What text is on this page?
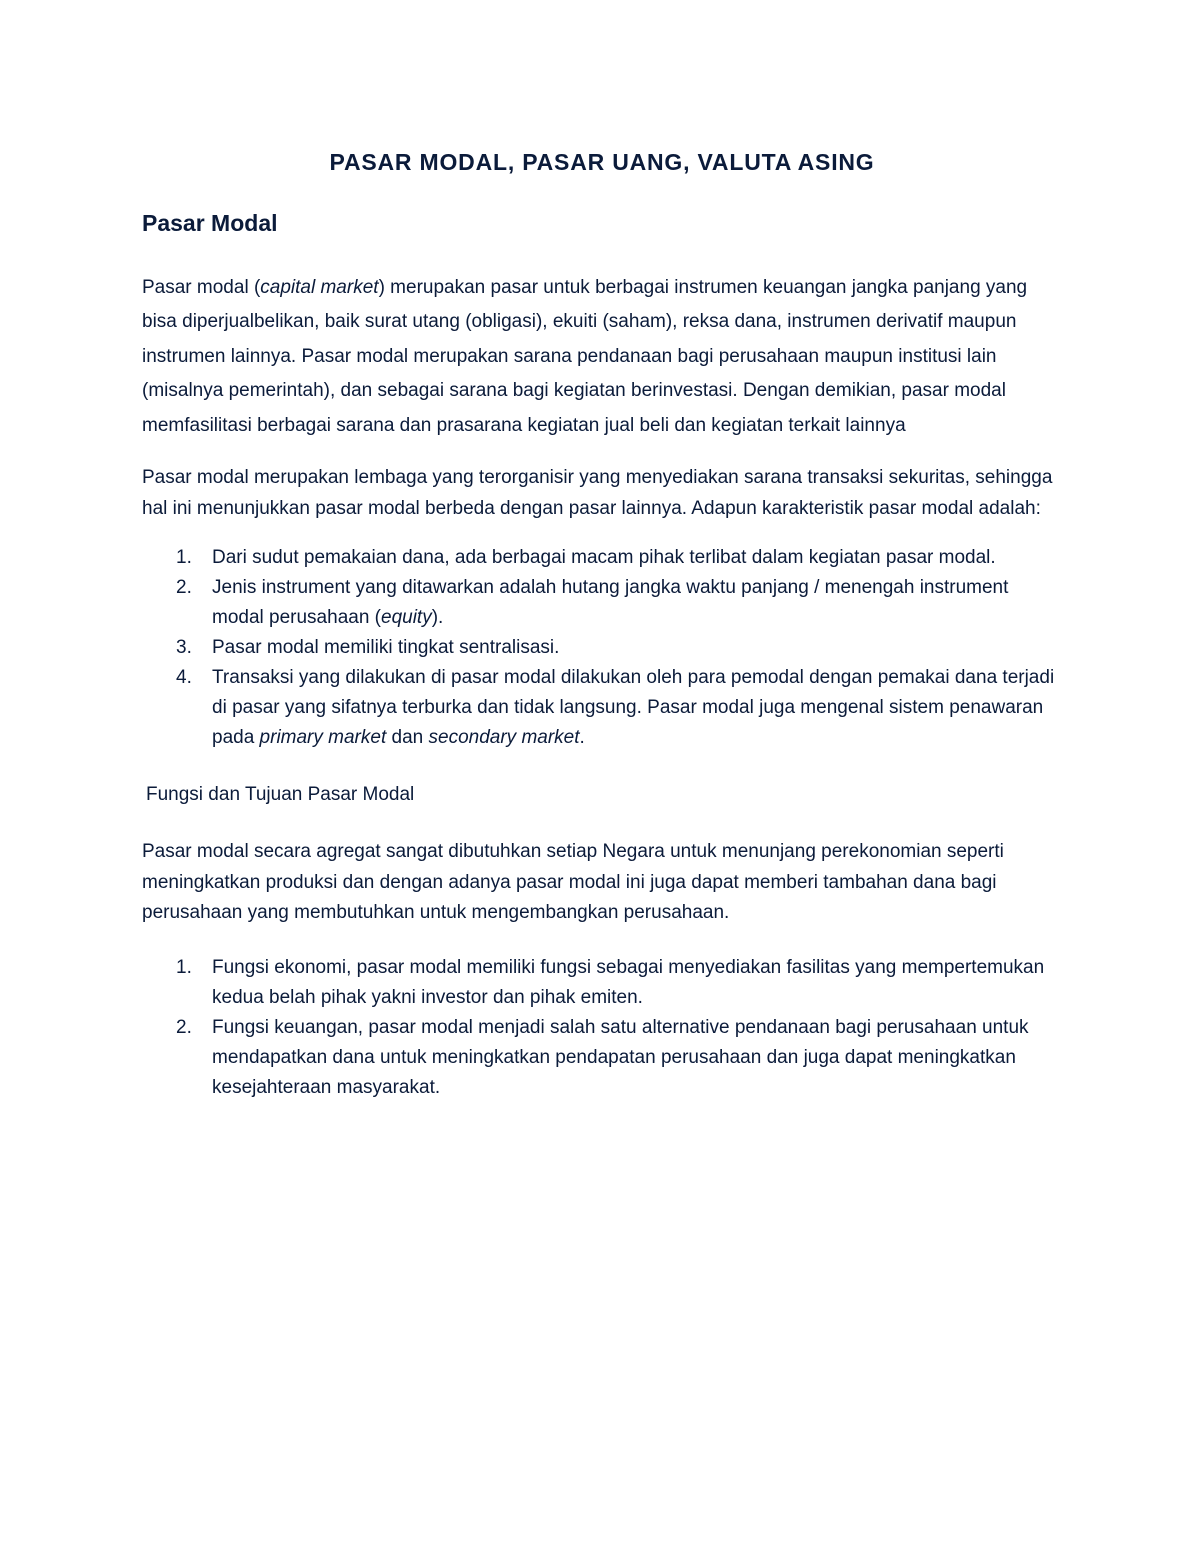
PASAR MODAL, PASAR UANG, VALUTA ASING
Pasar Modal

Pasar modal (capital market) merupakan pasar untuk berbagai instrumen keuangan jangka panjang yang bisa diperjualbelikan, baik surat utang (obligasi), ekuiti (saham), reksa dana, instrumen derivatif maupun instrumen lainnya. Pasar modal merupakan sarana pendanaan bagi perusahaan maupun institusi lain (misalnya pemerintah), dan sebagai sarana bagi kegiatan berinvestasi. Dengan demikian, pasar modal memfasilitasi berbagai sarana dan prasarana kegiatan jual beli dan kegiatan terkait lainnya

Pasar modal merupakan lembaga yang terorganisir yang menyediakan sarana transaksi sekuritas, sehingga hal ini menunjukkan pasar modal berbeda dengan pasar lainnya. Adapun karakteristik pasar modal adalah:

1. Dari sudut pemakaian dana, ada berbagai macam pihak terlibat dalam kegiatan pasar modal.
2. Jenis instrument yang ditawarkan adalah hutang jangka waktu panjang / menengah instrument modal perusahaan (equity).
3. Pasar modal memiliki tingkat sentralisasi.
4. Transaksi yang dilakukan di pasar modal dilakukan oleh para pemodal dengan pemakai dana terjadi di pasar yang sifatnya terburka dan tidak langsung. Pasar modal juga mengenal sistem penawaran pada primary market dan secondary market.

Fungsi dan Tujuan Pasar Modal

Pasar modal secara agregat sangat dibutuhkan setiap Negara untuk menunjang perekonomian seperti meningkatkan produksi dan dengan adanya pasar modal ini juga dapat memberi tambahan dana bagi perusahaan yang membutuhkan untuk mengembangkan perusahaan.

1. Fungsi ekonomi, pasar modal memiliki fungsi sebagai menyediakan fasilitas yang mempertemukan kedua belah pihak yakni investor dan pihak emiten.
2. Fungsi keuangan, pasar modal menjadi salah satu alternative pendanaan bagi perusahaan untuk mendapatkan dana untuk meningkatkan pendapatan perusahaan dan juga dapat meningkatkan kesejahteraan masyarakat.
